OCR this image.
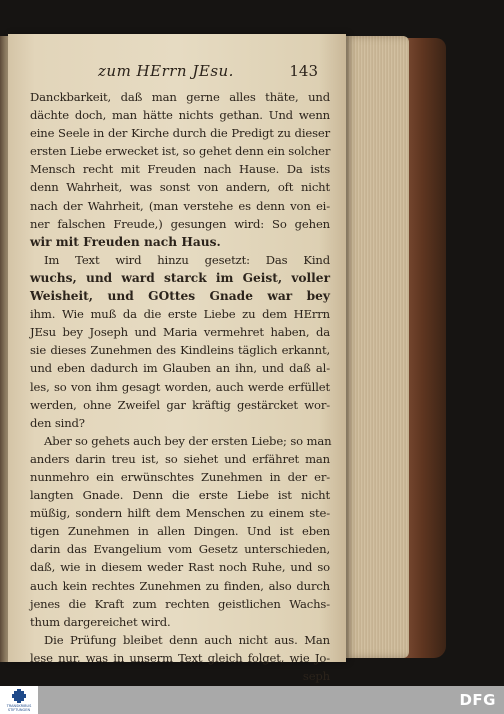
zum HErrn JEsu.	143
Danckbarkeit, daß man gerne alles thäte, und
dächte doch, man hätte nichts gethan. Und wenn
eine Seele in der Kirche durch die Predigt zu dieser
ersten Liebe erwecket ist, so gehet denn ein solcher
Mensch recht mit Freuden nach Hause. Da ists
denn Wahrheit, was sonst von andern, oft nicht
nach der Wahrheit, (man verstehe es denn von ei-
ner falschen Freude,) gesungen wird: So gehen
wir mit Freuden nach Haus.
Im Text wird hinzu gesetzt: Das Kind
wuchs, und ward starck im Geist, voller
Weisheit, und GOttes Gnade war bey
ihm. Wie muß da die erste Liebe zu dem HErrn
JEsu bey Joseph und Maria vermehret haben, da
sie dieses Zunehmen des Kindleins täglich erkannt,
und eben dadurch im Glauben an ihn, und daß al-
les, so von ihm gesagt worden, auch werde erfüllet
werden, ohne Zweifel gar kräftig gestärcket wor-
den sind?
Aber so gehets auch bey der ersten Liebe; so man
anders darin treu ist, so siehet und erfähret man
nunmehro ein erwünschtes Zunehmen in der er-
langten Gnade. Denn die erste Liebe ist nicht
müßig, sondern hilft dem Menschen zu einem ste-
tigen Zunehmen in allen Dingen. Und ist eben
darin das Evangelium vom Gesetz unterschieden,
daß, wie in diesem weder Rast noch Ruhe, und so
auch kein rechtes Zunehmen zu finden, also durch
jenes die Kraft zum rechten geistlichen Wachs-
thum dargereichet wird.
Die Prüfung bleibet denn auch nicht aus. Man
lese nur, was in unserm Text gleich folget, wie Jo-
seph
TRANSKRIBUS STIFTUNGEN
DFG
